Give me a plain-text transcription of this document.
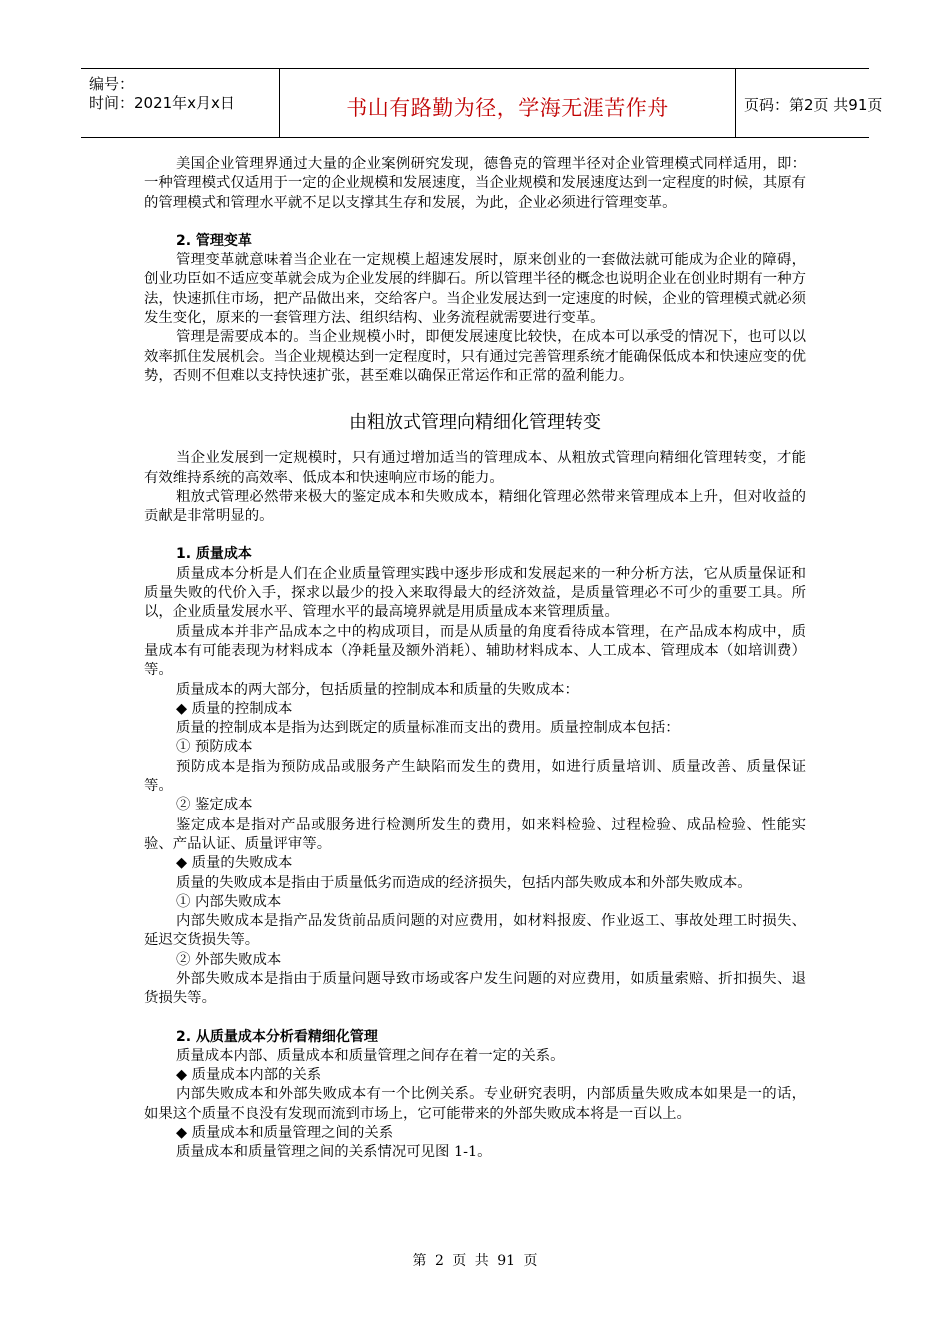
编号：
时间：2021年x月x日	书山有路勤为径，学海无涯苦作舟	页码：第2页 共91页

美国企业管理界通过大量的企业案例研究发现，德鲁克的管理半径对企业管理模式同样适用，即：一种管理模式仅适用于一定的企业规模和发展速度，当企业规模和发展速度达到一定程度的时候，其原有的管理模式和管理水平就不足以支撑其生存和发展，为此，企业必须进行管理变革。

2. 管理变革

管理变革就意味着当企业在一定规模上超速发展时，原来创业的一套做法就可能成为企业的障碍，创业功臣如不适应变革就会成为企业发展的绊脚石。所以管理半径的概念也说明企业在创业时期有一种方法，快速抓住市场，把产品做出来，交给客户。当企业发展达到一定速度的时候，企业的管理模式就必须发生变化，原来的一套管理方法、组织结构、业务流程就需要进行变革。

管理是需要成本的。当企业规模小时，即便发展速度比较快，在成本可以承受的情况下，也可以以效率抓住发展机会。当企业规模达到一定程度时，只有通过完善管理系统才能确保低成本和快速应变的优势，否则不但难以支持快速扩张，甚至难以确保正常运作和正常的盈利能力。

由粗放式管理向精细化管理转变

当企业发展到一定规模时，只有通过增加适当的管理成本、从粗放式管理向精细化管理转变，才能有效维持系统的高效率、低成本和快速响应市场的能力。

粗放式管理必然带来极大的鉴定成本和失败成本，精细化管理必然带来管理成本上升，但对收益的贡献是非常明显的。

1. 质量成本

质量成本分析是人们在企业质量管理实践中逐步形成和发展起来的一种分析方法，它从质量保证和质量失败的代价入手，探求以最少的投入来取得最大的经济效益，是质量管理必不可少的重要工具。所以，企业质量发展水平、管理水平的最高境界就是用质量成本来管理质量。

质量成本并非产品成本之中的构成项目，而是从质量的角度看待成本管理，在产品成本构成中，质量成本有可能表现为材料成本（净耗量及额外消耗）、辅助材料成本、人工成本、管理成本（如培训费）等。

质量成本的两大部分，包括质量的控制成本和质量的失败成本：

◆ 质量的控制成本

质量的控制成本是指为达到既定的质量标准而支出的费用。质量控制成本包括：

① 预防成本

预防成本是指为预防成品或服务产生缺陷而发生的费用，如进行质量培训、质量改善、质量保证等。

② 鉴定成本

鉴定成本是指对产品或服务进行检测所发生的费用，如来料检验、过程检验、成品检验、性能实验、产品认证、质量评审等。

◆ 质量的失败成本

质量的失败成本是指由于质量低劣而造成的经济损失，包括内部失败成本和外部失败成本。

① 内部失败成本

内部失败成本是指产品发货前品质问题的对应费用，如材料报废、作业返工、事故处理工时损失、延迟交货损失等。

② 外部失败成本

外部失败成本是指由于质量问题导致市场或客户发生问题的对应费用，如质量索赔、折扣损失、退货损失等。

2. 从质量成本分析看精细化管理

质量成本内部、质量成本和质量管理之间存在着一定的关系。

◆ 质量成本内部的关系

内部失败成本和外部失败成本有一个比例关系。专业研究表明，内部质量失败成本如果是一的话，如果这个质量不良没有发现而流到市场上，它可能带来的外部失败成本将是一百以上。

◆ 质量成本和质量管理之间的关系

质量成本和质量管理之间的关系情况可见图 1-1。

第 2 页 共 91 页
